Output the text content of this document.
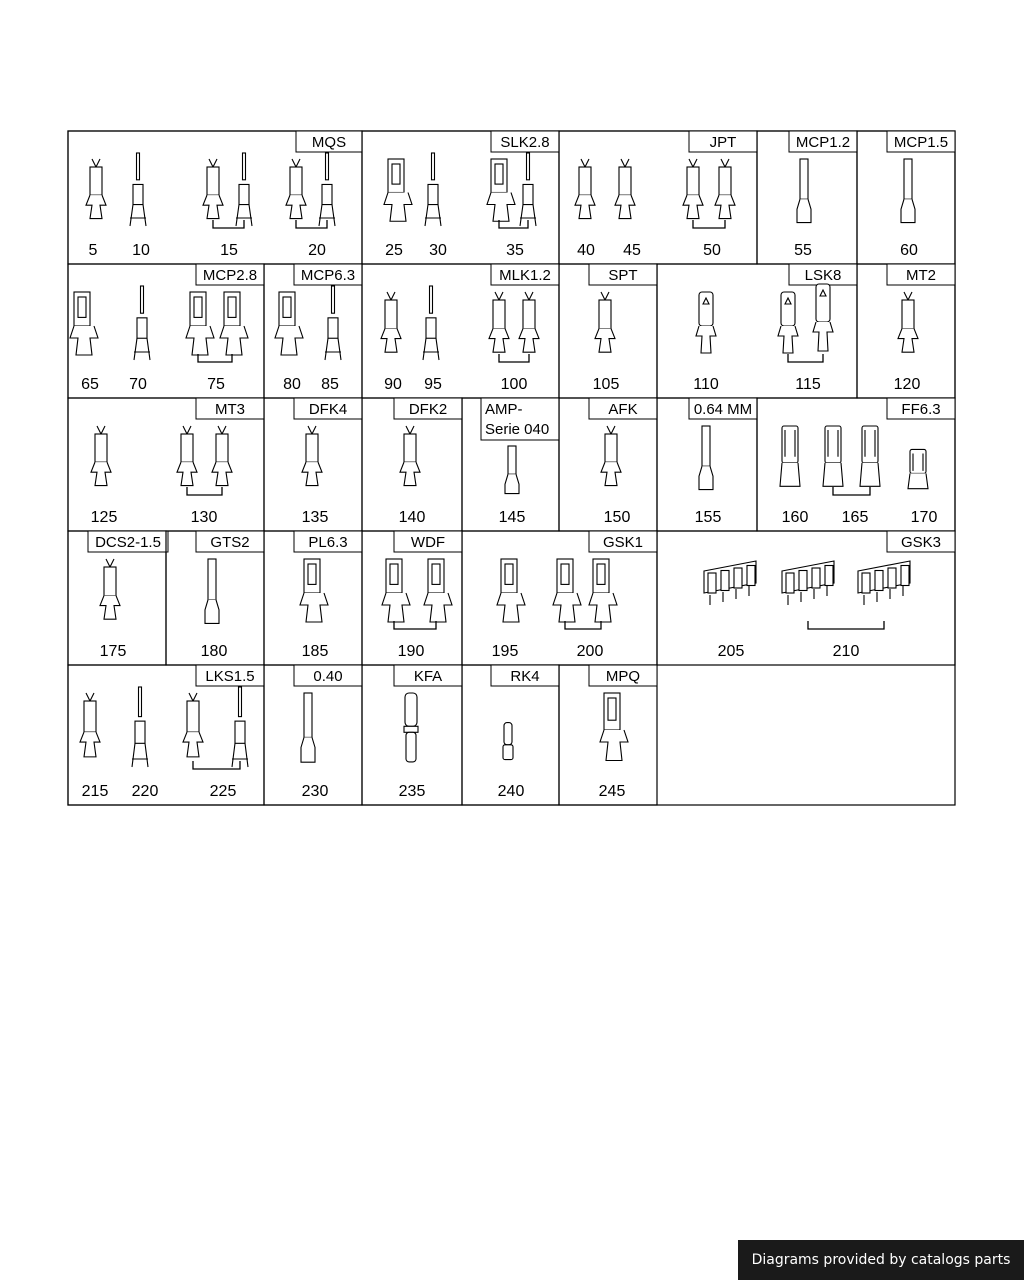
MQS
5 10	15	20
SLK2.8
25 30	35
JPT
40 45	50
MCP1.2
55
MCP1.5
60
MCP2.8
65 70	75
MCP6.3
80 85
MLK1.2
90 95	100
SPT
105
LSK8
110	115
MT2
120
MT3
125	130
DFK4
135
DFK2
140
AMP-
Serie 040
145
AFK
150
0.64 MM
155
FF6.3
160 165	170
DCS2-1.5
175
GTS2
180
PL6.3
185
WDF
190
GSK1
195	200
GSK3
205	210
LKS1.5
215 220	225
0.40
230
KFA
235
RK4
240
MPQ
245
Diagrams provided by catalogs parts
